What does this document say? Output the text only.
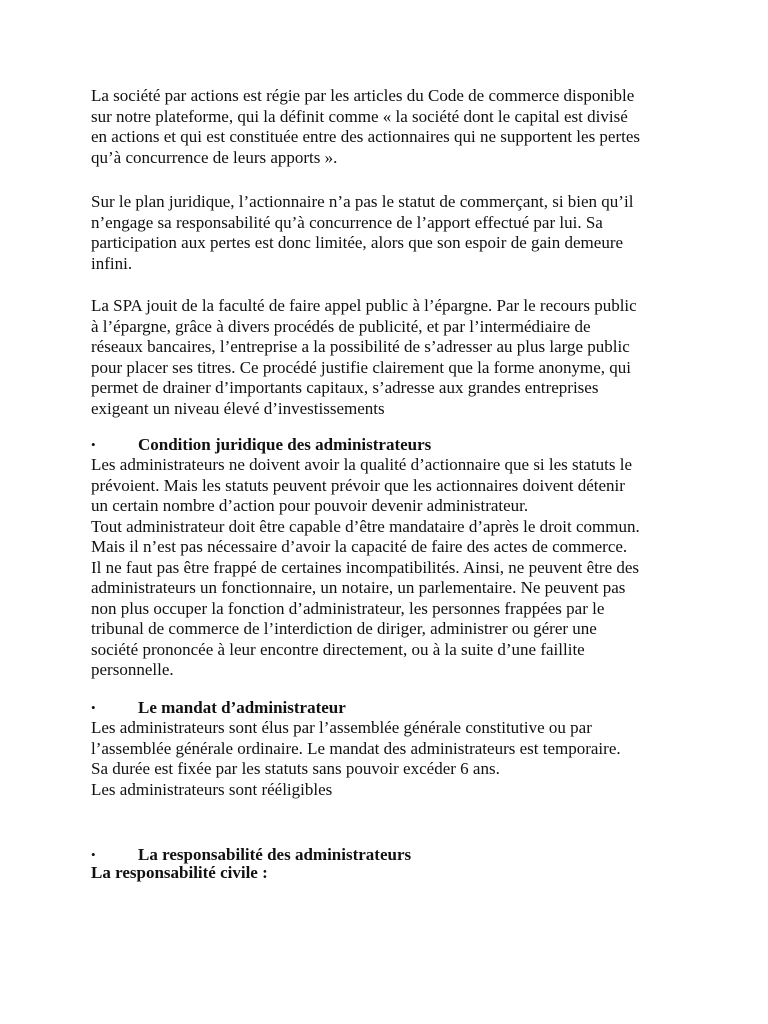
La société par actions est régie par les articles du Code de commerce disponible
sur notre plateforme, qui la définit comme « la société dont le capital est divisé
en actions et qui est constituée entre des actionnaires qui ne supportent les pertes
qu’à concurrence de leurs apports ».

Sur le plan juridique, l’actionnaire n’a pas le statut de commerçant, si bien qu’il
n’engage sa responsabilité qu’à concurrence de l’apport effectué par lui. Sa
participation aux pertes est donc limitée, alors que son espoir de gain demeure
infini.

La SPA jouit de la faculté de faire appel public à l’épargne. Par le recours public
à l’épargne, grâce à divers procédés de publicité, et par l’intermédiaire de
réseaux bancaires, l’entreprise a la possibilité de s’adresser au plus large public
pour placer ses titres. Ce procédé justifie clairement que la forme anonyme, qui
permet de drainer d’importants capitaux, s’adresse aux grandes entreprises
exigeant un niveau élevé d’investissements

• Condition juridique des administrateurs

Les administrateurs ne doivent avoir la qualité d’actionnaire que si les statuts le
prévoient. Mais les statuts peuvent prévoir que les actionnaires doivent détenir
un certain nombre d’action pour pouvoir devenir administrateur.
Tout administrateur doit être capable d’être mandataire d’après le droit commun.
Mais il n’est pas nécessaire d’avoir la capacité de faire des actes de commerce.
Il ne faut pas être frappé de certaines incompatibilités. Ainsi, ne peuvent être des
administrateurs un fonctionnaire, un notaire, un parlementaire. Ne peuvent pas
non plus occuper la fonction d’administrateur, les personnes frappées par le
tribunal de commerce de l’interdiction de diriger, administrer ou gérer une
société prononcée à leur encontre directement, ou à la suite d’une faillite
personnelle.

• Le mandat d’administrateur

Les administrateurs sont élus par l’assemblée générale constitutive ou par
l’assemblée générale ordinaire. Le mandat des administrateurs est temporaire.
Sa durée est fixée par les statuts sans pouvoir excéder 6 ans.
Les administrateurs sont rééligibles

• La responsabilité des administrateurs

La responsabilité civile :
